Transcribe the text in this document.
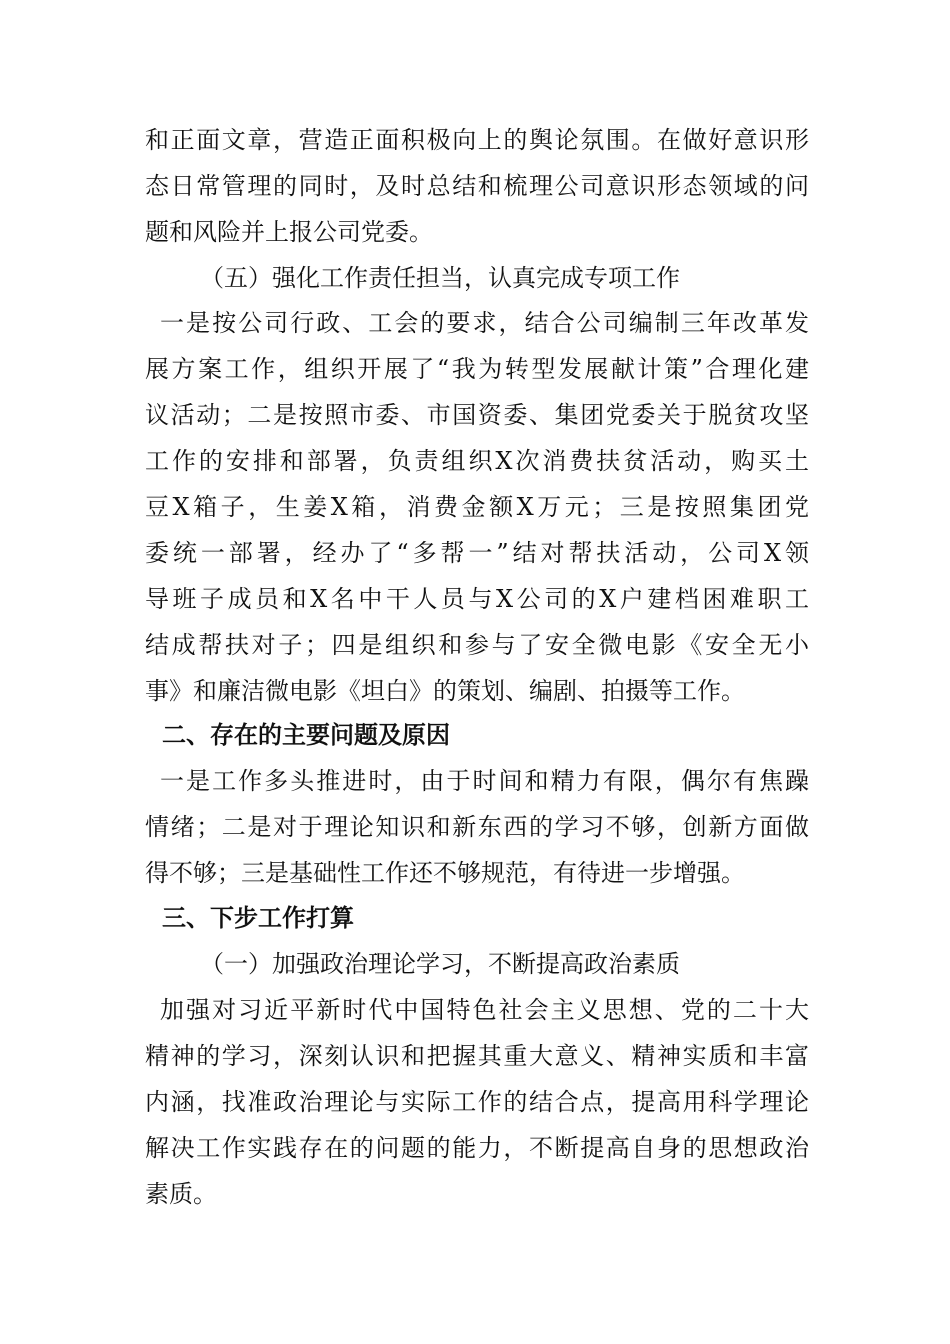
和正面文章，营造正面积极向上的舆论氛围。在做好意识形
态日常管理的同时，及时总结和梳理公司意识形态领域的问
题和风险并上报公司党委。
（五）强化工作责任担当，认真完成专项工作
一是按公司行政、工会的要求，结合公司编制三年改革发
展方案工作，组织开展了“我为转型发展献计策”合理化建
议活动；二是按照市委、市国资委、集团党委关于脱贫攻坚
工作的安排和部署，负责组织X次消费扶贫活动，购买土
豆X箱子，生姜X箱，消费金额X万元；三是按照集团党
委统一部署，经办了“多帮一”结对帮扶活动，公司X领
导班子成员和X名中干人员与X公司的X户建档困难职工
结成帮扶对子；四是组织和参与了安全微电影《安全无小
事》和廉洁微电影《坦白》的策划、编剧、拍摄等工作。
二、存在的主要问题及原因
一是工作多头推进时，由于时间和精力有限，偶尔有焦躁
情绪；二是对于理论知识和新东西的学习不够，创新方面做
得不够；三是基础性工作还不够规范，有待进一步增强。
三、下步工作打算
（一）加强政治理论学习，不断提高政治素质
加强对习近平新时代中国特色社会主义思想、党的二十大
精神的学习，深刻认识和把握其重大意义、精神实质和丰富
内涵，找准政治理论与实际工作的结合点，提高用科学理论
解决工作实践存在的问题的能力，不断提高自身的思想政治
素质。
